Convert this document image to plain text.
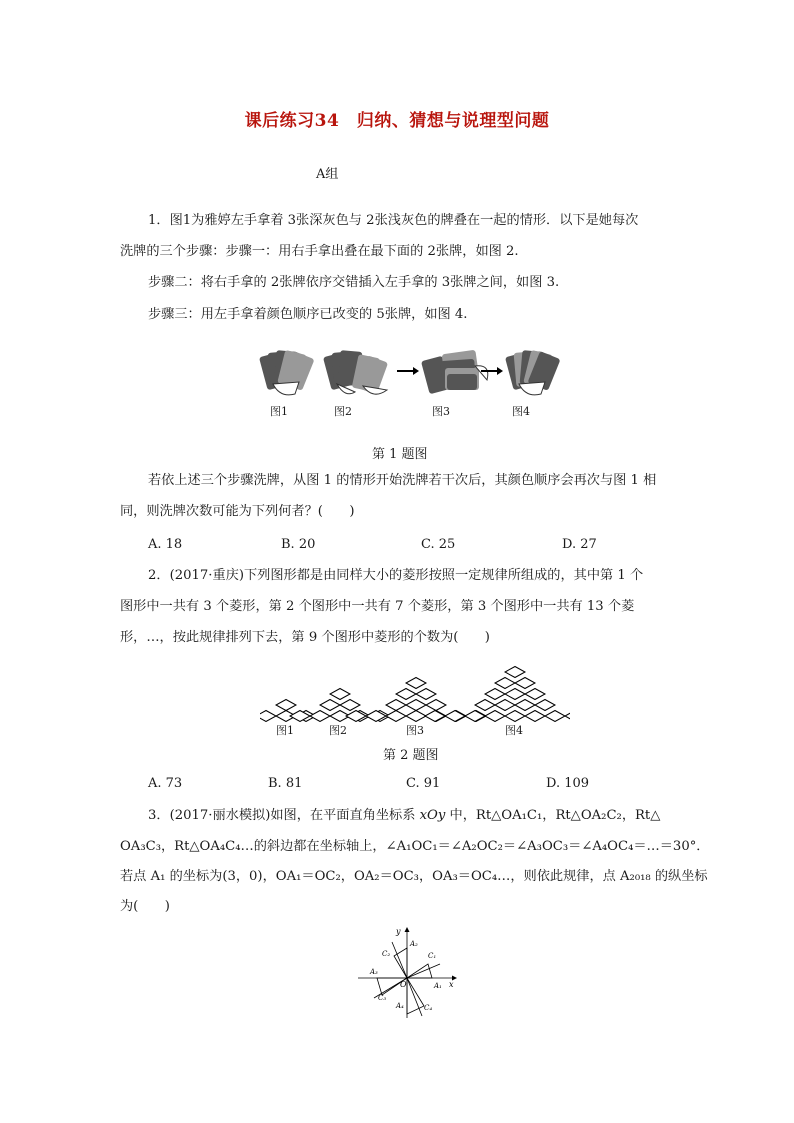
课后练习34　归纳、猜想与说理型问题
A组
1．图1为雅婷左手拿着 3张深灰色与 2张浅灰色的牌叠在一起的情形．以下是她每次
洗牌的三个步骤：步骤一：用右手拿出叠在最下面的 2张牌，如图 2.
步骤二：将右手拿的 2张牌依序交错插入左手拿的 3张牌之间，如图 3.
步骤三：用左手拿着颜色顺序已改变的 5张牌，如图 4.
图1	图2	图3	图4
第 1 题图
若依上述三个步骤洗牌，从图 1 的情形开始洗牌若干次后，其颜色顺序会再次与图 1 相
同，则洗牌次数可能为下列何者？(　　)
A. 18	B. 20	C. 25	D. 27
2．(2017·重庆)下列图形都是由同样大小的菱形按照一定规律所组成的，其中第 1 个
图形中一共有 3 个菱形，第 2 个图形中一共有 7 个菱形，第 3 个图形中一共有 13 个菱
形，…，按此规律排列下去，第 9 个图形中菱形的个数为(　　)
图1	图2	图3	图4
第 2 题图
A. 73	B. 81	C. 91	D. 109
3．(2017·丽水模拟)如图，在平面直角坐标系 xOy 中，Rt△OA₁C₁，Rt△OA₂C₂，Rt△
OA₃C₃，Rt△OA₄C₄…的斜边都在坐标轴上，∠A₁OC₁＝∠A₂OC₂＝∠A₃OC₃＝∠A₄OC₄＝…＝30°．
若点 A₁ 的坐标为(3，0)，OA₁＝OC₂，OA₂＝OC₃，OA₃＝OC₄…，则依此规律，点 A₂₀₁₈ 的纵坐标
为(　　)
y
x
O	A₁
A₂
A₃
A₄
C₁
C₂
C₃
C₄
